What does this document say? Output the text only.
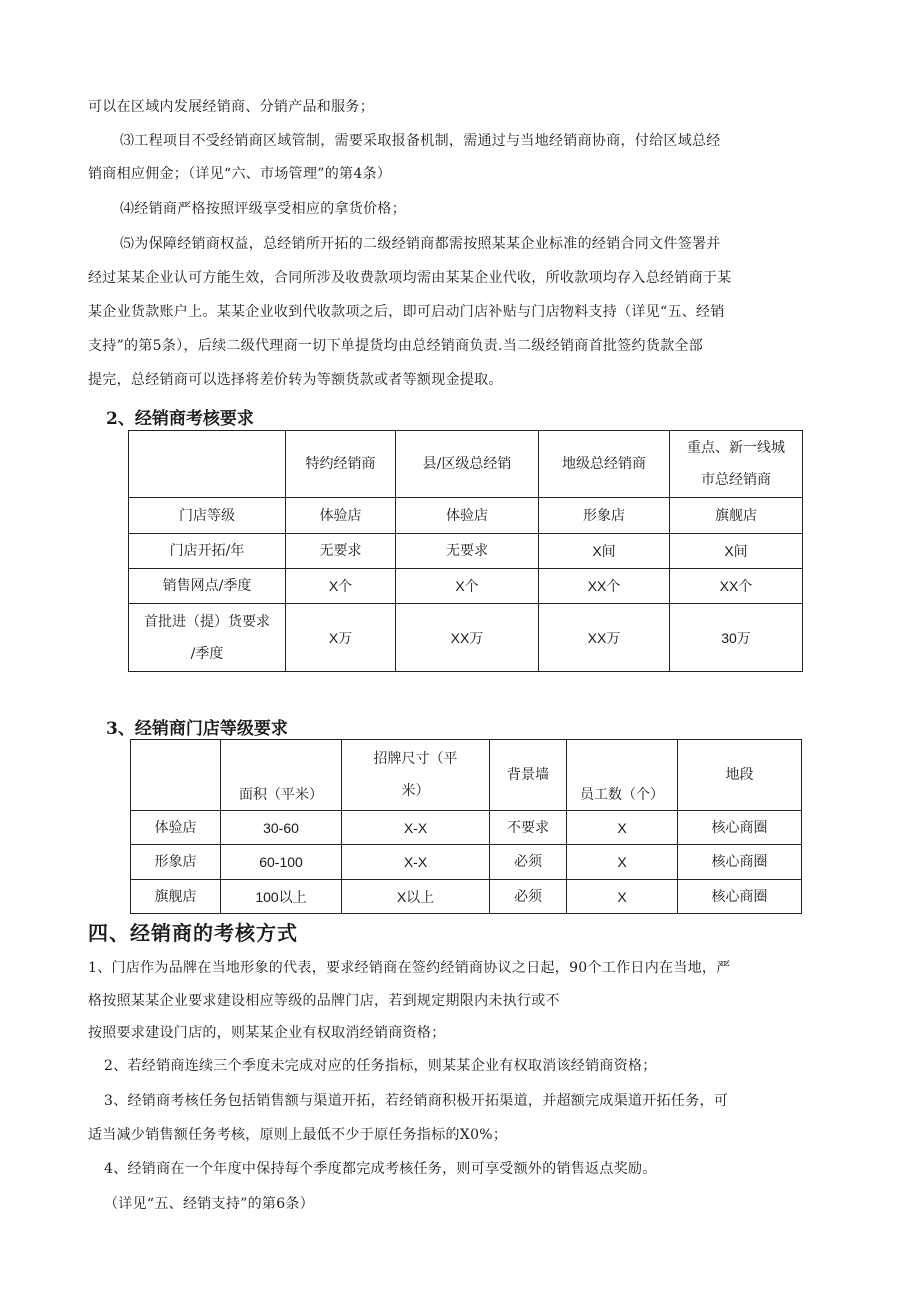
可以在区域内发展经销商、分销产品和服务；
⑶工程项目不受经销商区域管制，需要采取报备机制，需通过与当地经销商协商，付给区域总经
销商相应佣金；（详见“六、市场管理”的第4条）
⑷经销商严格按照评级享受相应的拿货价格；
⑸为保障经销商权益，总经销所开拓的二级经销商都需按照某某企业标准的经销合同文件签署并
经过某某企业认可方能生效，合同所涉及收费款项均需由某某企业代收，所收款项均存入总经销商于某
某企业货款账户上。某某企业收到代收款项之后，即可启动门店补贴与门店物料支持（详见“五、经销
支持”的第5条），后续二级代理商一切下单提货均由总经销商负责.当二级经销商首批签约货款全部
提完，总经销商可以选择将差价转为等额货款或者等额现金提取。
2、经销商考核要求
	特约经销商	县/区级总经销	地级总经销商	重点、新一线城
市总经销商

门店等级	体验店	体验店	形象店	旗舰店
门店开拓/年	无要求	无要求	X间	X间
销售网点/季度	X个	X个	XX个	XX个

首批进（提）货要求
/季度	X万	XX万	XX万	30万
3、经销商门店等级要求
	面积（平米）	招牌尺寸（平
米）	背景墙	员工数（个）	地段
体验店	30-60	X-X	不要求	X	核心商圈
形象店	60-100	X-X	必须	X	核心商圈
旗舰店	100以上	X以上	必须	X	核心商圈
四、经销商的考核方式
1、门店作为品牌在当地形象的代表，要求经销商在签约经销商协议之日起，90个工作日内在当地，严
格按照某某企业要求建设相应等级的品牌门店，若到规定期限内未执行或不
按照要求建设门店的，则某某企业有权取消经销商资格；
2、若经销商连续三个季度未完成对应的任务指标，则某某企业有权取消该经销商资格；
3、经销商考核任务包括销售额与渠道开拓，若经销商积极开拓渠道，并超额完成渠道开拓任务，可
适当减少销售额任务考核，原则上最低不少于原任务指标的X0%；
4、经销商在一个年度中保持每个季度都完成考核任务，则可享受额外的销售返点奖励。
（详见“五、经销支持”的第6条）
